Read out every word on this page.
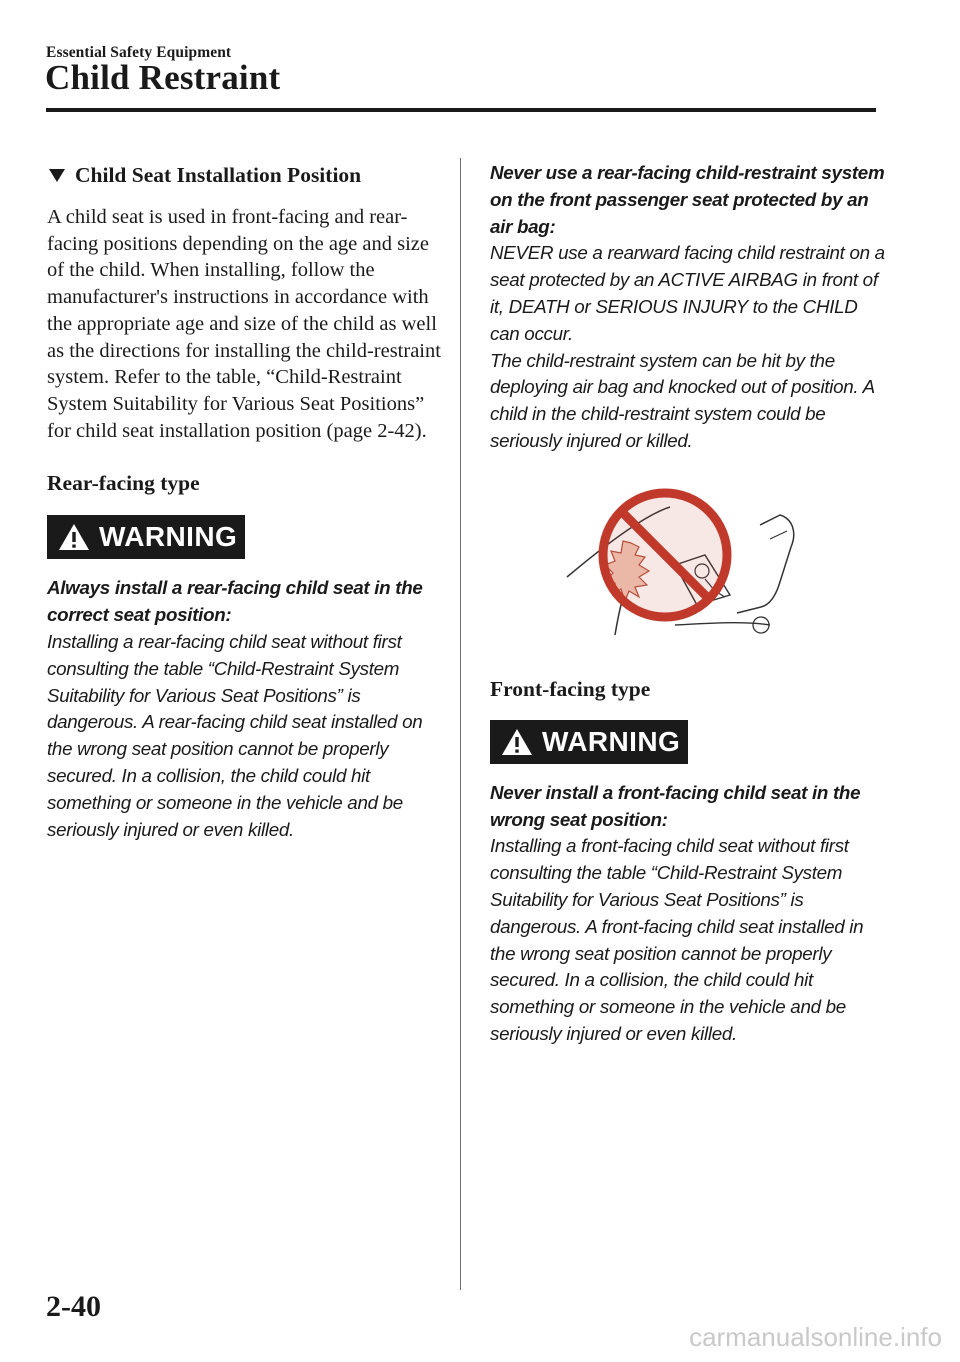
Essential Safety Equipment
Child Restraint
Child Seat Installation Position

A child seat is used in front-facing and rear-facing positions depending on the age and size of the child. When installing, follow the manufacturer's instructions in accordance with the appropriate age and size of the child as well as the directions for installing the child-restraint system. Refer to the table, “Child-Restraint System Suitability for Various Seat Positions” for child seat installation position (page 2-42).

Rear-facing type

WARNING

Always install a rear-facing child seat in the correct seat position:

Installing a rear-facing child seat without first consulting the table “Child-Restraint System Suitability for Various Seat Positions” is dangerous. A rear-facing child seat installed on the wrong seat position cannot be properly secured. In a collision, the child could hit something or someone in the vehicle and be seriously injured or even killed.

Never use a rear-facing child-restraint system on the front passenger seat protected by an air bag:

NEVER use a rearward facing child restraint on a seat protected by an ACTIVE AIRBAG in front of it, DEATH or SERIOUS INJURY to the CHILD can occur.

The child-restraint system can be hit by the deploying air bag and knocked out of position. A child in the child-restraint system could be seriously injured or killed.

Front-facing type

WARNING

Never install a front-facing child seat in the wrong seat position:

Installing a front-facing child seat without first consulting the table “Child-Restraint System Suitability for Various Seat Positions” is dangerous. A front-facing child seat installed in the wrong seat position cannot be properly secured. In a collision, the child could hit something or someone in the vehicle and be seriously injured or even killed.

2-40
carmanualsonline.info
